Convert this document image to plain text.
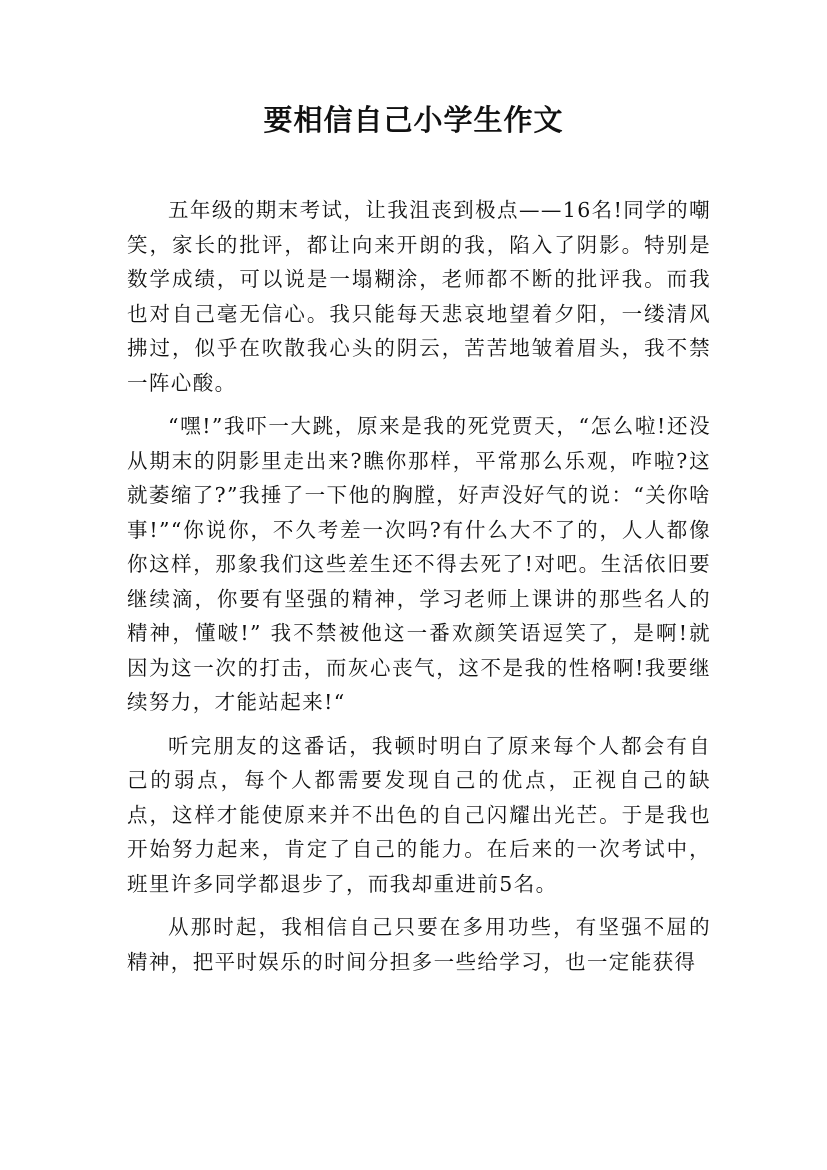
要相信自己小学生作文

五年级的期末考试，让我沮丧到极点——16名!同学的嘲笑，家长的批评，都让向来开朗的我，陷入了阴影。特别是数学成绩，可以说是一塌糊涂，老师都不断的批评我。而我也对自己毫无信心。我只能每天悲哀地望着夕阳，一缕清风拂过，似乎在吹散我心头的阴云，苦苦地皱着眉头，我不禁一阵心酸。

“嘿!”我吓一大跳，原来是我的死党贾天，“怎么啦!还没从期末的阴影里走出来?瞧你那样，平常那么乐观，咋啦?这就萎缩了?”我捶了一下他的胸膛，好声没好气的说：“关你啥事!”“你说你，不久考差一次吗?有什么大不了的，人人都像你这样，那象我们这些差生还不得去死了!对吧。生活依旧要继续滴，你要有坚强的精神，学习老师上课讲的那些名人的精神，懂啵!” 我不禁被他这一番欢颜笑语逗笑了，是啊!就因为这一次的打击，而灰心丧气，这不是我的性格啊!我要继续努力，才能站起来!“

听完朋友的这番话，我顿时明白了原来每个人都会有自己的弱点，每个人都需要发现自己的优点，正视自己的缺点，这样才能使原来并不出色的自己闪耀出光芒。于是我也开始努力起来，肯定了自己的能力。在后来的一次考试中，班里许多同学都退步了，而我却重进前5名。

从那时起，我相信自己只要在多用功些，有坚强不屈的精神，把平时娱乐的时间分担多一些给学习，也一定能获得
